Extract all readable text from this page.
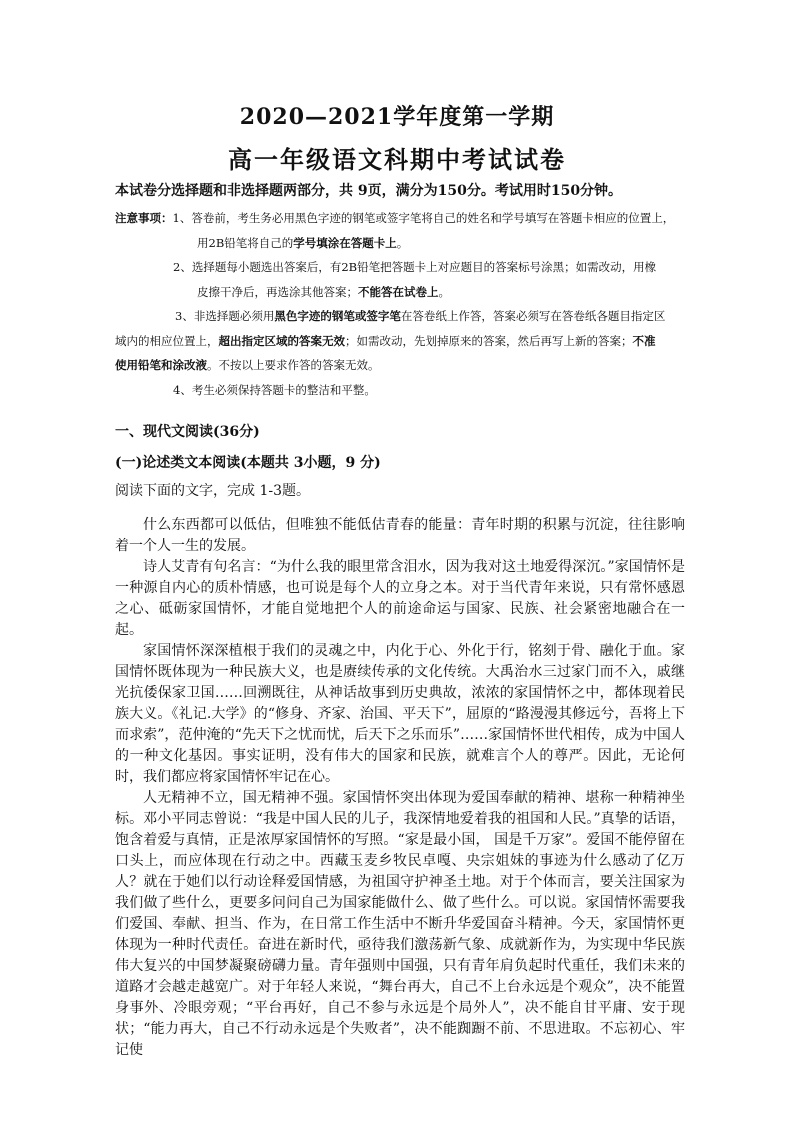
2020—2021学年度第一学期
高一年级语文科期中考试试卷
本试卷分选择题和非选择题两部分，共 9页，满分为150分。考试用时150分钟。
注意事项：1、答卷前，考生务必用黑色字迹的钢笔或签字笔将自己的姓名和学号填写在答题卡相应的位置上，
用2B铅笔将自己的学号填涂在答题卡上。
2、选择题每小题选出答案后，有2B铅笔把答题卡上对应题目的答案标号涂黑；如需改动，用橡
皮擦干净后，再选涂其他答案；不能答在试卷上。
3、非选择题必须用黑色字迹的钢笔或签字笔在答卷纸上作答，答案必须写在答卷纸各题目指定区
域内的相应位置上，超出指定区域的答案无效；如需改动，先划掉原来的答案，然后再写上新的答案；不准
使用铅笔和涂改液。不按以上要求作答的答案无效。
4、考生必须保持答题卡的整洁和平整。
一、现代文阅读(36分)
(一)论述类文本阅读(本题共 3小题，9 分)
阅读下面的文字，完成 1-3题。

什么东西都可以低估，但唯独不能低估青春的能量：青年时期的积累与沉淀，往往影响着一个人一生的发展。

诗人艾青有句名言：“为什么我的眼里常含泪水，因为我对这土地爱得深沉。”家国情怀是一种源自内心的质朴情感，也可说是每个人的立身之本。对于当代青年来说，只有常怀感恩之心、砥砺家国情怀，才能自觉地把个人的前途命运与国家、民族、社会紧密地融合在一起。

家国情怀深深植根于我们的灵魂之中，内化于心、外化于行，铭刻于骨、融化于血。家国情怀既体现为一种民族大义，也是赓续传承的文化传统。大禹治水三过家门而不入，戚继光抗倭保家卫国……回溯既往，从神话故事到历史典故，浓浓的家国情怀之中，都体现着民族大义。《礼记.大学》的“修身、齐家、治国、平天下”，屈原的“路漫漫其修远兮，吾将上下而求索”，范仲淹的“先天下之忧而忧，后天下之乐而乐”……家国情怀世代相传，成为中国人的一种文化基因。事实证明，没有伟大的国家和民族，就难言个人的尊严。因此，无论何时，我们都应将家国情怀牢记在心。

人无精神不立，国无精神不强。家国情怀突出体现为爱国奉献的精神、堪称一种精神坐标。邓小平同志曾说：“我是中国人民的儿子，我深情地爱着我的祖国和人民。”真挚的话语，饱含着爱与真情，正是浓厚家国情怀的写照。“家是最小国， 国是千万家”。爱国不能停留在口头上，而应体现在行动之中。西藏玉麦乡牧民卓嘎、央宗姐妹的事迹为什么感动了亿万人？就在于她们以行动诠释爱国情感，为祖国守护神圣土地。对于个体而言，要关注国家为我们做了些什么，更要多问问自己为国家能做什么、做了些什么。可以说。家国情怀需要我们爱国、奉献、担当、作为，在日常工作生活中不断升华爱国奋斗精神。今天，家国情怀更体现为一种时代责任。奋进在新时代，亟待我们激荡新气象、成就新作为，为实现中华民族伟大复兴的中国梦凝聚磅礴力量。青年强则中国强，只有青年肩负起时代重任，我们未来的道路才会越走越宽广。对于年轻人来说，“舞台再大，自己不上台永远是个观众”，决不能置身事外、冷眼旁观；“平台再好，自己不参与永远是个局外人”，决不能自甘平庸、安于现状；“能力再大，自己不行动永远是个失败者”，决不能踟蹰不前、不思进取。不忘初心、牢记使
